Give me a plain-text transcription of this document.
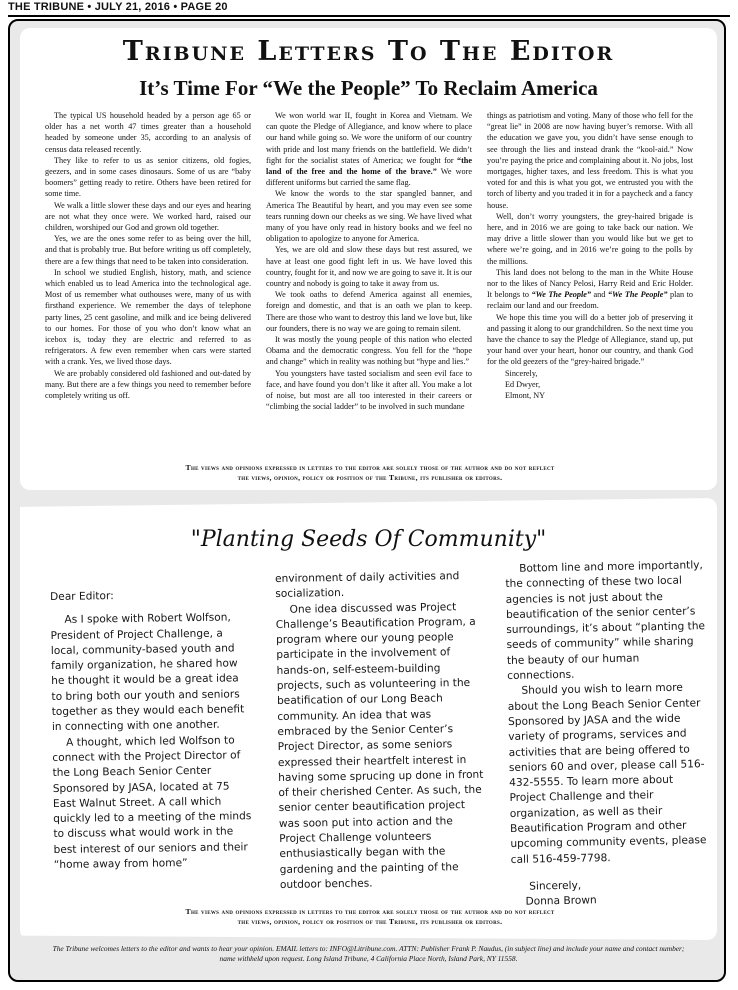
THE TRIBUNE • JULY 21, 2016 • PAGE 20
Tribune Letters To The Editor
It’s Time For “We the People” To Reclaim America

The typical US household headed by a person age 65 or older has a net worth 47 times greater than a household headed by someone under 35, according to an analysis of census data released recently.

They like to refer to us as senior citizens, old fogies, geezers, and in some cases dinosaurs. Some of us are “baby boomers” getting ready to retire. Others have been retired for some time.

We walk a little slower these days and our eyes and hearing are not what they once were. We worked hard, raised our children, worshiped our God and grown old together.

Yes, we are the ones some refer to as being over the hill, and that is probably true. But before writing us off completely, there are a few things that need to be taken into consideration.

In school we studied English, history, math, and science which enabled us to lead America into the technological age. Most of us remember what outhouses were, many of us with firsthand experience. We remember the days of telephone party lines, 25 cent gasoline, and milk and ice being delivered to our homes. For those of you who don’t know what an icebox is, today they are electric and referred to as refrigerators. A few even remember when cars were started with a crank. Yes, we lived those days.

We are probably considered old fashioned and out-dated by many. But there are a few things you need to remember before completely writing us off.

We won world war II, fought in Korea and Vietnam. We can quote the Pledge of Allegiance, and know where to place our hand while going so. We wore the uniform of our country with pride and lost many friends on the battlefield. We didn’t fight for the socialist states of America; we fought for “the land of the free and the home of the brave.” We wore different uniforms but carried the same flag.

We know the words to the star spangled banner, and America The Beautiful by heart, and you may even see some tears running down our cheeks as we sing. We have lived what many of you have only read in history books and we feel no obligation to apologize to anyone for America.

Yes, we are old and slow these days but rest assured, we have at least one good fight left in us. We have loved this country, fought for it, and now we are going to save it. It is our country and nobody is going to take it away from us.

We took oaths to defend America against all enemies, foreign and domestic, and that is an oath we plan to keep. There are those who want to destroy this land we love but, like our founders, there is no way we are going to remain silent.

It was mostly the young people of this nation who elected Obama and the democratic congress. You fell for the “hope and change” which in reality was nothing but “hype and lies.”

You youngsters have tasted socialism and seen evil face to face, and have found you don’t like it after all. You make a lot of noise, but most are all too interested in their careers or “climbing the social ladder” to be involved in such mundane

things as patriotism and voting. Many of those who fell for the “great lie” in 2008 are now having buyer’s remorse. With all the education we gave you, you didn’t have sense enough to see through the lies and instead drank the “kool-aid.” Now you’re paying the price and complaining about it. No jobs, lost mortgages, higher taxes, and less freedom. This is what you voted for and this is what you got, we entrusted you with the torch of liberty and you traded it in for a paycheck and a fancy house.

Well, don’t worry youngsters, the grey-haired brigade is here, and in 2016 we are going to take back our nation. We may drive a little slower than you would like but we get to where we’re going, and in 2016 we’re going to the polls by the millions.

This land does not belong to the man in the White House nor to the likes of Nancy Pelosi, Harry Reid and Eric Holder. It belongs to “We The People” and “We The People” plan to reclaim our land and our freedom.

We hope this time you will do a better job of preserving it and passing it along to our grandchildren. So the next time you have the chance to say the Pledge of Allegiance, stand up, put your hand over your heart, honor our country, and thank God for the old geezers of the “grey-haired brigade.”

Sincerely,

Ed Dwyer,

Elmont, NY

The views and opinions expressed in letters to the editor are solely those of the author and do not reflect
the views, opinion, policy or position of the Tribune, its publisher or editors.
"Planting Seeds Of Community"

Dear Editor:

As I spoke with Robert Wolfson, President of Project Challenge, a local, community-based youth and family organization, he shared how he thought it would be a great idea to bring both our youth and seniors together as they would each benefit in connecting with one another.

A thought, which led Wolfson to connect with the Project Director of the Long Beach Senior Center Sponsored by JASA, located at 75 East Walnut Street. A call which quickly led to a meeting of the minds to discuss what would work in the best interest of our seniors and their “home away from home”

environment of daily activities and socialization.

One idea discussed was Project Challenge’s Beautification Program, a program where our young people participate in the involvement of hands-on, self-esteem-building projects, such as volunteering in the beatification of our Long Beach community. An idea that was embraced by the Senior Center’s Project Director, as some seniors expressed their heartfelt interest in having some sprucing up done in front of their cherished Center. As such, the senior center beautification project was soon put into action and the Project Challenge volunteers enthusiastically began with the gardening and the painting of the outdoor benches.

Bottom line and more importantly, the connecting of these two local agencies is not just about the beautification of the senior center’s surroundings, it’s about “planting the seeds of community” while sharing the beauty of our human connections.

Should you wish to learn more about the Long Beach Senior Center Sponsored by JASA and the wide variety of programs, services and activities that are being offered to seniors 60 and over, please call 516-432-5555. To learn more about Project Challenge and their organization, as well as their Beautification Program and other upcoming community events, please call 516-459-7798.

Sincerely,

Donna Brown

The views and opinions expressed in letters to the editor are solely those of the author and do not reflect
the views, opinion, policy or position of the Tribune, its publisher or editors.
The Tribune welcomes letters to the editor and wants to hear your opinion. EMAIL letters to: INFO@Litribune.com. ATTN: Publisher Frank P. Naudus, (in subject line) and include your name and contact number;
name withheld upon request. Long Island Tribune, 4 California Place North, Island Park, NY 11558.
